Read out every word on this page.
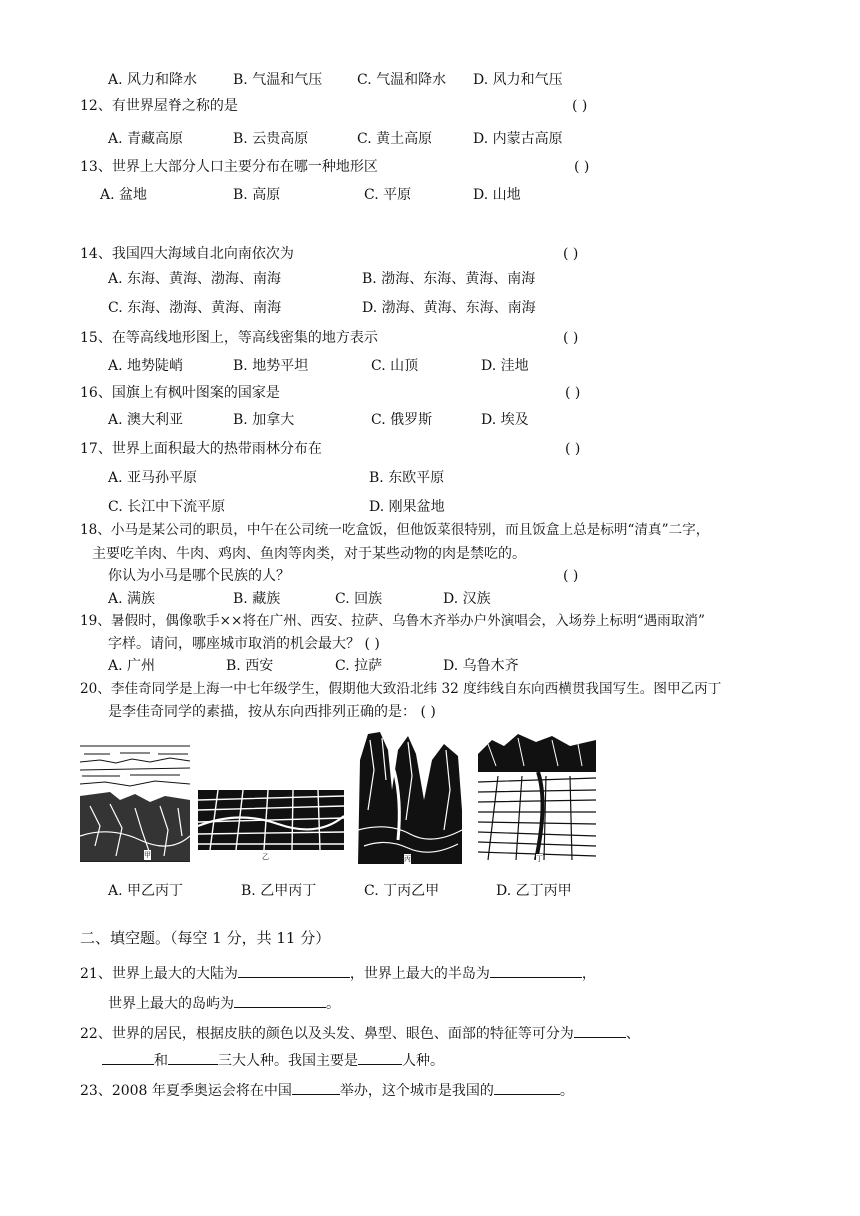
A. 风力和降水	B. 气温和气压 C. 气温和降水 D. 风力和气压
12、有世界屋脊之称的是	( )
A. 青藏高原	B. 云贵高原	C. 黄土高原	D. 内蒙古高原
13、世界上大部分人口主要分布在哪一种地形区	( )
A. 盆地	B. 高原	C. 平原	D. 山地
14、我国四大海域自北向南依次为	( )
A. 东海、黄海、渤海、南海	B. 渤海、东海、黄海、南海
C. 东海、渤海、黄海、南海	D. 渤海、黄海、东海、南海
15、在等高线地形图上，等高线密集的地方表示	( )
A. 地势陡峭	B. 地势平坦	C. 山顶	D. 洼地
16、国旗上有枫叶图案的国家是	( )
A. 澳大利亚	B. 加拿大	C. 俄罗斯	D. 埃及
17、世界上面积最大的热带雨林分布在	( )
A. 亚马孙平原	B. 东欧平原
C. 长江中下流平原	D. 刚果盆地
18、小马是某公司的职员，中午在公司统一吃盒饭，但他饭菜很特别，而且饭盒上总是标明“清真”二字，
主要吃羊肉、牛肉、鸡肉、鱼肉等肉类，对于某些动物的肉是禁吃的。
你认为小马是哪个民族的人？	( )
A. 满族	B. 藏族	C. 回族	D. 汉族
19、暑假时，偶像歌手××将在广州、西安、拉萨、乌鲁木齐举办户外演唱会，入场券上标明“遇雨取消”
字样。请问，哪座城市取消的机会最大？ ( )
A. 广州	B. 西安	C. 拉萨	D. 乌鲁木齐
20、李佳奇同学是上海一中七年级学生，假期他大致沿北纬 32 度纬线自东向西横贯我国写生。图甲乙丙丁
是李佳奇同学的素描，按从东向西排列正确的是： ( )
甲	乙	丙	丁
A. 甲乙丙丁	B. 乙甲丙丁	C. 丁丙乙甲	D. 乙丁丙甲
二、填空题。（每空 1 分，共 11 分）
21、世界上最大的大陆为	，世界上最大的半岛为	，
世界上最大的岛屿为	。
22、世界的居民，根据皮肤的颜色以及头发、鼻型、眼色、面部的特征等可分为	、
和	三大人种。我国主要是	人种。
23、2008 年夏季奥运会将在中国	举办，这个城市是我国的	。
